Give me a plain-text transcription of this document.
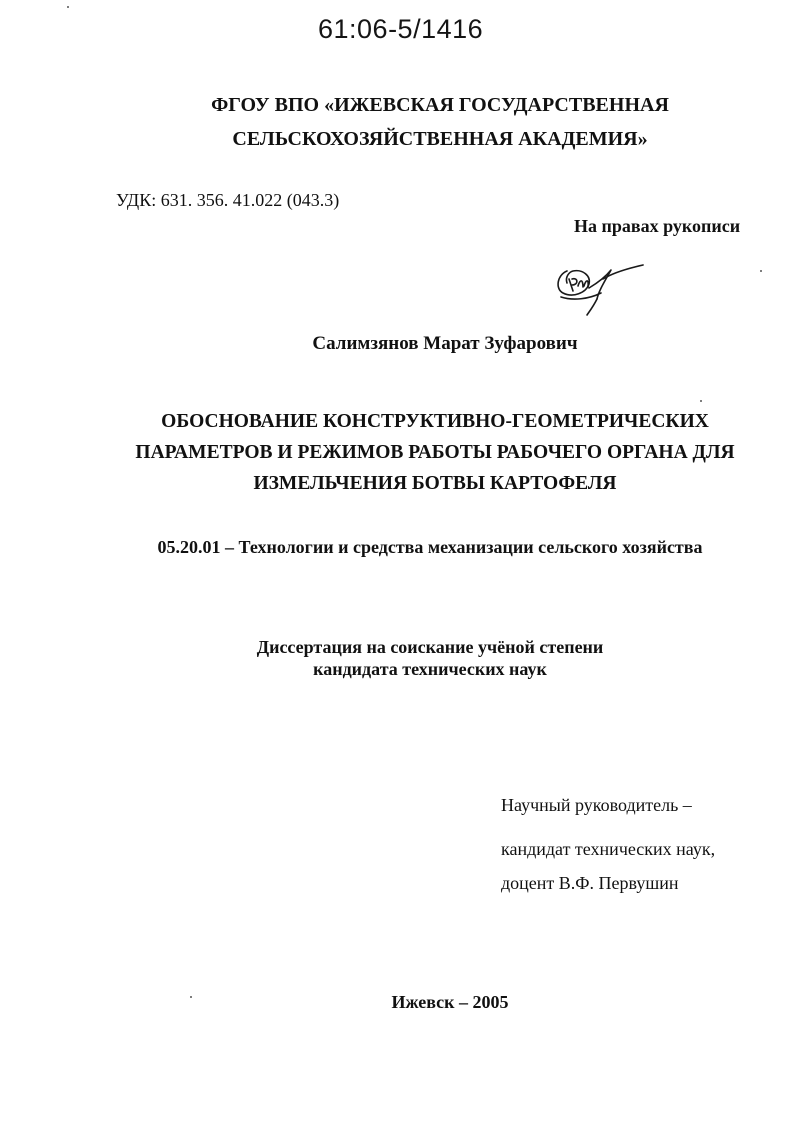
61:06-5/1416
ФГОУ ВПО «ИЖЕВСКАЯ ГОСУДАРСТВЕННАЯ
СЕЛЬСКОХОЗЯЙСТВЕННАЯ АКАДЕМИЯ»
УДК: 631. 356. 41.022 (043.3)
На правах рукописи
Салимзянов Марат Зуфарович
ОБОСНОВАНИЕ КОНСТРУКТИВНО-ГЕОМЕТРИЧЕСКИХ
ПАРАМЕТРОВ И РЕЖИМОВ РАБОТЫ РАБОЧЕГО ОРГАНА ДЛЯ
ИЗМЕЛЬЧЕНИЯ БОТВЫ КАРТОФЕЛЯ
05.20.01 – Технологии и средства механизации сельского хозяйства
Диссертация на соискание учёной степени
кандидата технических наук
Научный руководитель –
кандидат технических наук,
доцент В.Ф. Первушин
Ижевск – 2005
